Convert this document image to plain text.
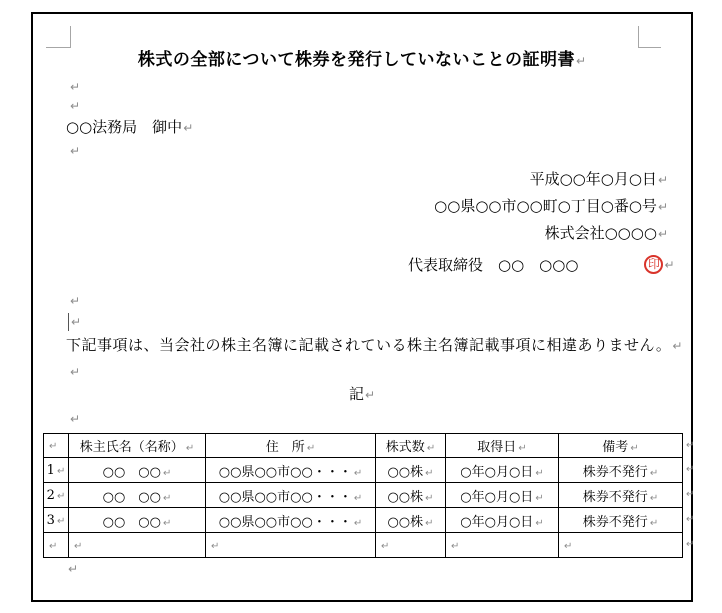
株式の全部について株券を発行していないことの証明書↵
↵
↵
○○法務局　御中↵
↵
平成○○年○月○日↵
○○県○○市○○町○丁目○番○号↵
株式会社○○○○↵
代表取締役　○○　○○○	印 ↵
↵
↵
下記事項は、当会社の株主名簿に記載されている株主名簿記載事項に相違ありません。↵
↵
記↵
↵
↵	株主氏名（名称） ↵	住　所 ↵	株式数 ↵	取得日 ↵	備考 ↵
1 ↵	○○　○○ ↵	○○県○○市○○・・・ ↵	○○株 ↵	○年○月○日 ↵	株券不発行 ↵
2 ↵	○○　○○ ↵	○○県○○市○○・・・ ↵	○○株 ↵	○年○月○日 ↵	株券不発行 ↵
3 ↵	○○　○○ ↵	○○県○○市○○・・・ ↵	○○株 ↵	○年○月○日 ↵	株券不発行 ↵
↵	↵	↵	↵	↵	↵
↵
↵
↵
↵
↵
↵
